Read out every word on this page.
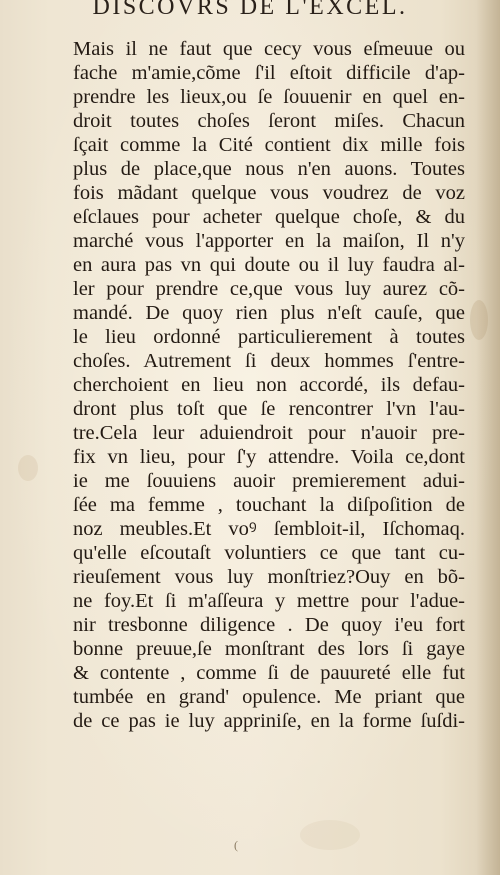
DISCOVRS DE L'EXCEL.
Mais il ne faut que cecy vous eſmeuue ou
fache m'amie,cõme ſ'il eſtoit difficile d'ap-
prendre les lieux,ou ſe ſouuenir en quel en-
droit toutes choſes ſeront miſes. Chacun
ſçait comme la Cité contient dix mille fois
plus de place,que nous n'en auons. Toutes
fois mãdant quelque vous voudrez de voz
eſclaues pour acheter quelque choſe, & du
marché vous l'apporter en la maiſon, Il n'y
en aura pas vn qui doute ou il luy faudra al-
ler pour prendre ce,que vous luy aurez cõ-
mandé. De quoy rien plus n'eſt cauſe, que
le lieu ordonné particulierement à toutes
choſes. Autrement ſi deux hommes ſ'entre-
cherchoient en lieu non accordé, ils defau-
dront plus toſt que ſe rencontrer l'vn l'au-
tre.Cela leur aduiendroit pour n'auoir pre-
fix vn lieu, pour ſ'y attendre. Voila ce,dont
ie me ſouuiens auoir premierement adui-
ſée ma femme , touchant la diſpoſition de
noz meubles.Et voꝰ ſembloit-il, Iſchomaq.
qu'elle eſcoutaſt voluntiers ce que tant cu-
rieuſement vous luy monſtriez?Ouy en bõ-
ne foy.Et ſi m'aſſeura y mettre pour l'adue-
nir tresbonne diligence . De quoy i'eu fort
bonne preuue,ſe monſtrant des lors ſi gaye
& contente , comme ſi de pauureté elle fut
tumbée en grand' opulence. Me priant que
de ce pas ie luy appriniſe, en la forme ſuſdi-
(
